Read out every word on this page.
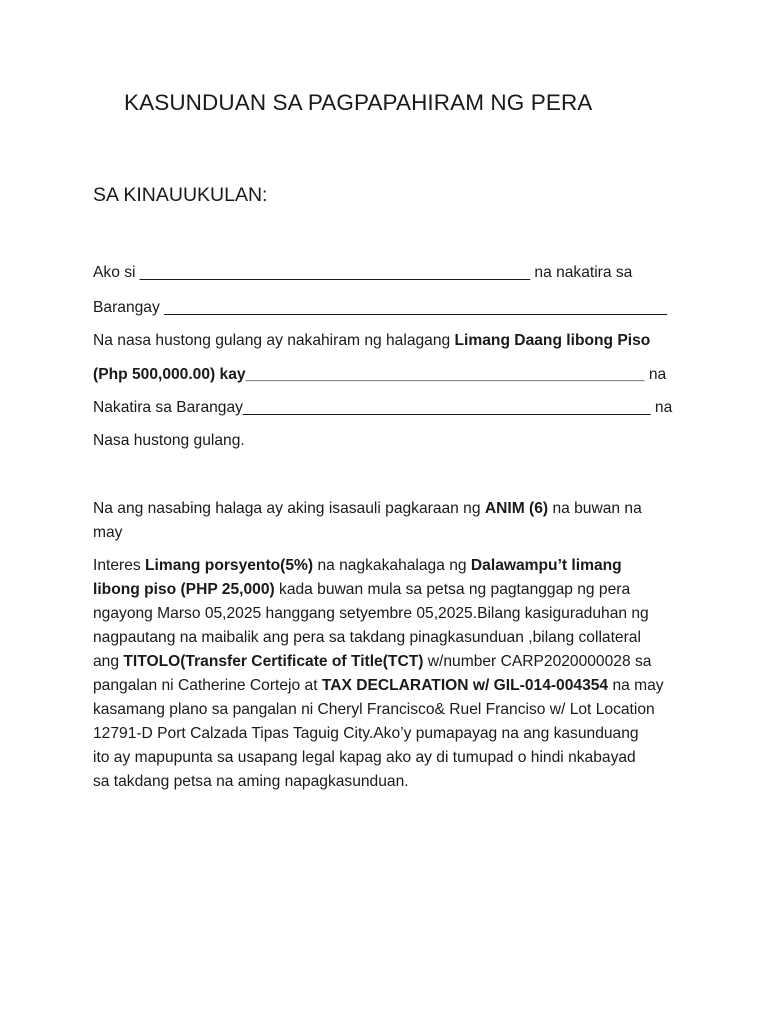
KASUNDUAN SA PAGPAPAHIRAM NG PERA

SA KINAUUKULAN:

Ako si _____________________________________________ na nakatira sa
Barangay __________________________________________________________
Na nasa hustong gulang ay nakahiram ng halagang Limang Daang libong Piso
(Php 500,000.00) kay______________________________________________ na
Nakatira sa Barangay_______________________________________________ na
Nasa hustong gulang.
Na ang nasabing halaga ay aking isasauli pagkaraan ng ANIM (6) na buwan na
may
Interes Limang porsyento(5%) na nagkakahalaga ng Dalawampu’t limang
libong piso (PHP 25,000) kada buwan mula sa petsa ng pagtanggap ng pera
ngayong Marso 05,2025 hanggang setyembre 05,2025.Bilang kasiguraduhan ng
nagpautang na maibalik ang pera sa takdang pinagkasunduan ,bilang collateral
ang TITOLO(Transfer Certificate of Title(TCT) w/number CARP2020000028 sa
pangalan ni Catherine Cortejo at TAX DECLARATION w/ GIL-014-004354 na may
kasamang plano sa pangalan ni Cheryl Francisco& Ruel Franciso w/ Lot Location
12791-D Port Calzada Tipas Taguig City.Ako’y pumapayag na ang kasunduang
ito ay mapupunta sa usapang legal kapag ako ay di tumupad o hindi nkabayad
sa takdang petsa na aming napagkasunduan.
